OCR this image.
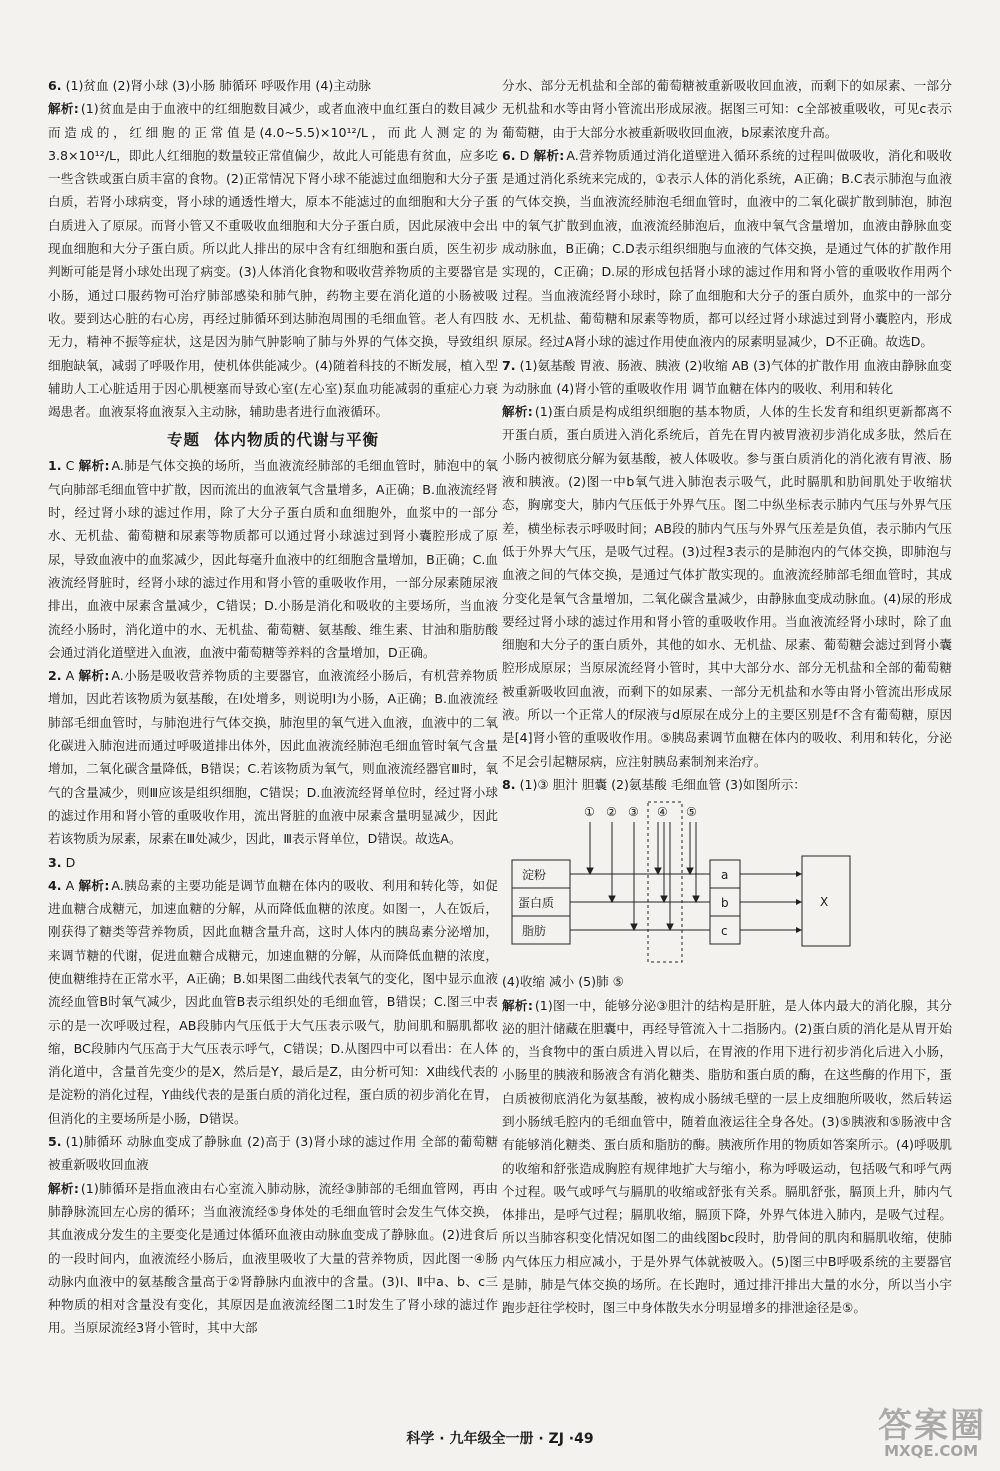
6. (1)贫血 (2)肾小球 (3)小肠 肺循环 呼吸作用 (4)主动脉
解析: (1)贫血是由于血液中的红细胞数目减少，或者血液中血红蛋白的数目减少而造成的，红细胞的正常值是(4.0~5.5)×10¹²/L，而此人测定的为3.8×10¹²/L，即此人红细胞的数量较正常值偏少，故此人可能患有贫血，应多吃一些含铁或蛋白质丰富的食物。(2)正常情况下肾小球不能滤过血细胞和大分子蛋白质，若肾小球病变，肾小球的通透性增大，原本不能滤过的血细胞和大分子蛋白质进入了原尿。而肾小管又不重吸收血细胞和大分子蛋白质，因此尿液中会出现血细胞和大分子蛋白质。所以此人排出的尿中含有红细胞和蛋白质，医生初步判断可能是肾小球处出现了病变。(3)人体消化食物和吸收营养物质的主要器官是小肠，通过口服药物可治疗肺部感染和肺气肿，药物主要在消化道的小肠被吸收。要到达心脏的右心房，再经过肺循环到达肺泡周围的毛细血管。老人有四肢无力，精神不振等症状，这是因为肺气肿影响了肺与外界的气体交换，导致组织细胞缺氧，减弱了呼吸作用，使机体供能减少。(4)随着科技的不断发展，植入型辅助人工心脏适用于因心肌梗塞而导致心室(左心室)泵血功能减弱的重症心力衰竭患者。血液泵将血液泵入主动脉，辅助患者进行血液循环。

专题 体内物质的代谢与平衡

1. C 解析: A.肺是气体交换的场所，当血液流经肺部的毛细血管时，肺泡中的氧气向肺部毛细血管中扩散，因而流出的血液氧气含量增多，A正确；B.血液流经肾时，经过肾小球的滤过作用，除了大分子蛋白质和血细胞外，血浆中的一部分水、无机盐、葡萄糖和尿素等物质都可以通过肾小球滤过到肾小囊腔形成了原尿，导致血液中的血浆减少，因此每毫升血液中的红细胞含量增加，B正确；C.血液流经肾脏时，经肾小球的滤过作用和肾小管的重吸收作用，一部分尿素随尿液排出，血液中尿素含量减少，C错误；D.小肠是消化和吸收的主要场所，当血液流经小肠时，消化道中的水、无机盐、葡萄糖、氨基酸、维生素、甘油和脂肪酸会通过消化道壁进入血液，血液中葡萄糖等养料的含量增加，D正确。

2. A 解析: A.小肠是吸收营养物质的主要器官，血液流经小肠后，有机营养物质增加，因此若该物质为氨基酸，在Ⅰ处增多，则说明Ⅰ为小肠，A正确；B.血液流经肺部毛细血管时，与肺泡进行气体交换，肺泡里的氧气进入血液，血液中的二氧化碳进入肺泡进而通过呼吸道排出体外，因此血液流经肺泡毛细血管时氧气含量增加，二氧化碳含量降低，B错误；C.若该物质为氧气，则血液流经器官Ⅲ时，氧气的含量减少，则Ⅲ应该是组织细胞，C错误；D.血液流经肾单位时，经过肾小球的滤过作用和肾小管的重吸收作用，流出肾脏的血液中尿素含量明显减少，因此若该物质为尿素，尿素在Ⅲ处减少，因此，Ⅲ表示肾单位，D错误。故选A。

3. D

4. A 解析: A.胰岛素的主要功能是调节血糖在体内的吸收、利用和转化等，如促进血糖合成糖元，加速血糖的分解，从而降低血糖的浓度。如图一，人在饭后，刚获得了糖类等营养物质，因此血糖含量升高，这时人体内的胰岛素分泌增加，来调节糖的代谢，促进血糖合成糖元，加速血糖的分解，从而降低血糖的浓度，使血糖维持在正常水平，A正确；B.如果图二曲线代表氧气的变化，图中显示血液流经血管B时氧气减少，因此血管B表示组织处的毛细血管，B错误；C.图三中表示的是一次呼吸过程，AB段肺内气压低于大气压表示吸气，肋间肌和膈肌都收缩，BC段肺内气压高于大气压表示呼气，C错误；D.从图四中可以看出：在人体消化道中，含量首先变少的是X，然后是Y，最后是Z，由分析可知：X曲线代表的是淀粉的消化过程，Y曲线代表的是蛋白质的消化过程，蛋白质的初步消化在胃，但消化的主要场所是小肠，D错误。

5. (1)肺循环 动脉血变成了静脉血 (2)高于 (3)肾小球的滤过作用 全部的葡萄糖被重新吸收回血液
解析: (1)肺循环是指血液由右心室流入肺动脉，流经③肺部的毛细血管网，再由肺静脉流回左心房的循环；当血液流经⑤身体处的毛细血管时会发生气体交换，其血液成分发生的主要变化是通过体循环血液由动脉血变成了静脉血。(2)进食后的一段时间内，血液流经小肠后，血液里吸收了大量的营养物质，因此图一④肠动脉内血液中的氨基酸含量高于②肾静脉内血液中的含量。(3)Ⅰ、Ⅱ中a、b、c三种物质的相对含量没有变化，其原因是血液流经图二1时发生了肾小球的滤过作用。当原尿流经3肾小管时，其中大部

分水、部分无机盐和全部的葡萄糖被重新吸收回血液，而剩下的如尿素、一部分无机盐和水等由肾小管流出形成尿液。据图三可知：c全部被重吸收，可见c表示葡萄糖，由于大部分水被重新吸收回血液，b尿素浓度升高。

6. D 解析: A.营养物质通过消化道壁进入循环系统的过程叫做吸收，消化和吸收是通过消化系统来完成的，①表示人体的消化系统，A正确；B.C表示肺泡与血液的气体交换，当血液流经肺泡毛细血管时，血液中的二氧化碳扩散到肺泡，肺泡中的氧气扩散到血液，血液流经肺泡后，血液中氧气含量增加，血液由静脉血变成动脉血，B正确；C.D表示组织细胞与血液的气体交换，是通过气体的扩散作用实现的，C正确；D.尿的形成包括肾小球的滤过作用和肾小管的重吸收作用两个过程。当血液流经肾小球时，除了血细胞和大分子的蛋白质外，血浆中的一部分水、无机盐、葡萄糖和尿素等物质，都可以经过肾小球滤过到肾小囊腔内，形成原尿。经过A肾小球的滤过作用使血液内的尿素明显减少，D不正确。故选D。

7. (1)氨基酸 胃液、肠液、胰液 (2)收缩 AB (3)气体的扩散作用 血液由静脉血变为动脉血 (4)肾小管的重吸收作用 调节血糖在体内的吸收、利用和转化
解析: (1)蛋白质是构成组织细胞的基本物质，人体的生长发育和组织更新都离不开蛋白质，蛋白质进入消化系统后，首先在胃内被胃液初步消化成多肽，然后在小肠内被彻底分解为氨基酸，被人体吸收。参与蛋白质消化的消化液有胃液、肠液和胰液。(2)图一中b氧气进入肺泡表示吸气，此时膈肌和肋间肌处于收缩状态，胸廓变大，肺内气压低于外界气压。图二中纵坐标表示肺内气压与外界气压差，横坐标表示呼吸时间；AB段的肺内气压与外界气压差是负值，表示肺内气压低于外界大气压，是吸气过程。(3)过程3表示的是肺泡内的气体交换，即肺泡与血液之间的气体交换，是通过气体扩散实现的。血液流经肺部毛细血管时，其成分变化是氧气含量增加，二氧化碳含量减少，由静脉血变成动脉血。(4)尿的形成要经过肾小球的滤过作用和肾小管的重吸收作用。当血液流经肾小球时，除了血细胞和大分子的蛋白质外，其他的如水、无机盐、尿素、葡萄糖会滤过到肾小囊腔形成原尿；当原尿流经肾小管时，其中大部分水、部分无机盐和全部的葡萄糖被重新吸收回血液，而剩下的如尿素、一部分无机盐和水等由肾小管流出形成尿液。所以一个正常人的f尿液与d原尿在成分上的主要区别是f不含有葡萄糖，原因是[4]肾小管的重吸收作用。⑤胰岛素调节血糖在体内的吸收、利用和转化，分泌不足会引起糖尿病，应注射胰岛素制剂来治疗。

8. (1)③ 胆汁 胆囊 (2)氨基酸 毛细血管 (3)如图所示：

① ② ③ ④ ⑤
淀粉
蛋白质
脂肪
a
b
c
X

(4)收缩 减小 (5)肺 ⑤
解析: (1)图一中，能够分泌③胆汁的结构是肝脏，是人体内最大的消化腺，其分泌的胆汁储藏在胆囊中，再经导管流入十二指肠内。(2)蛋白质的消化是从胃开始的，当食物中的蛋白质进入胃以后，在胃液的作用下进行初步消化后进入小肠，小肠里的胰液和肠液含有消化糖类、脂肪和蛋白质的酶，在这些酶的作用下，蛋白质被彻底消化为氨基酸，被构成小肠绒毛壁的一层上皮细胞所吸收，然后转运到小肠绒毛腔内的毛细血管中，随着血液运往全身各处。(3)⑤胰液和⑤肠液中含有能够消化糖类、蛋白质和脂肪的酶。胰液所作用的物质如答案所示。(4)呼吸肌的收缩和舒张造成胸腔有规律地扩大与缩小，称为呼吸运动，包括吸气和呼气两个过程。吸气或呼气与膈肌的收缩或舒张有关系。膈肌舒张，膈顶上升，肺内气体排出，是呼气过程；膈肌收缩，膈顶下降，外界气体进入肺内，是吸气过程。所以当肺容积变化情况如图二的曲线图bc段时，肋骨间的肌肉和膈肌收缩，使肺内气体压力相应减小，于是外界气体就被吸入。(5)图三中B呼吸系统的主要器官是肺，肺是气体交换的场所。在长跑时，通过排汗排出大量的水分，所以当小宇跑步赶往学校时，图三中身体散失水分明显增多的排泄途径是⑤。

科学 · 九年级全一册 · ZJ ·49	答案圈
MXQE.COM
